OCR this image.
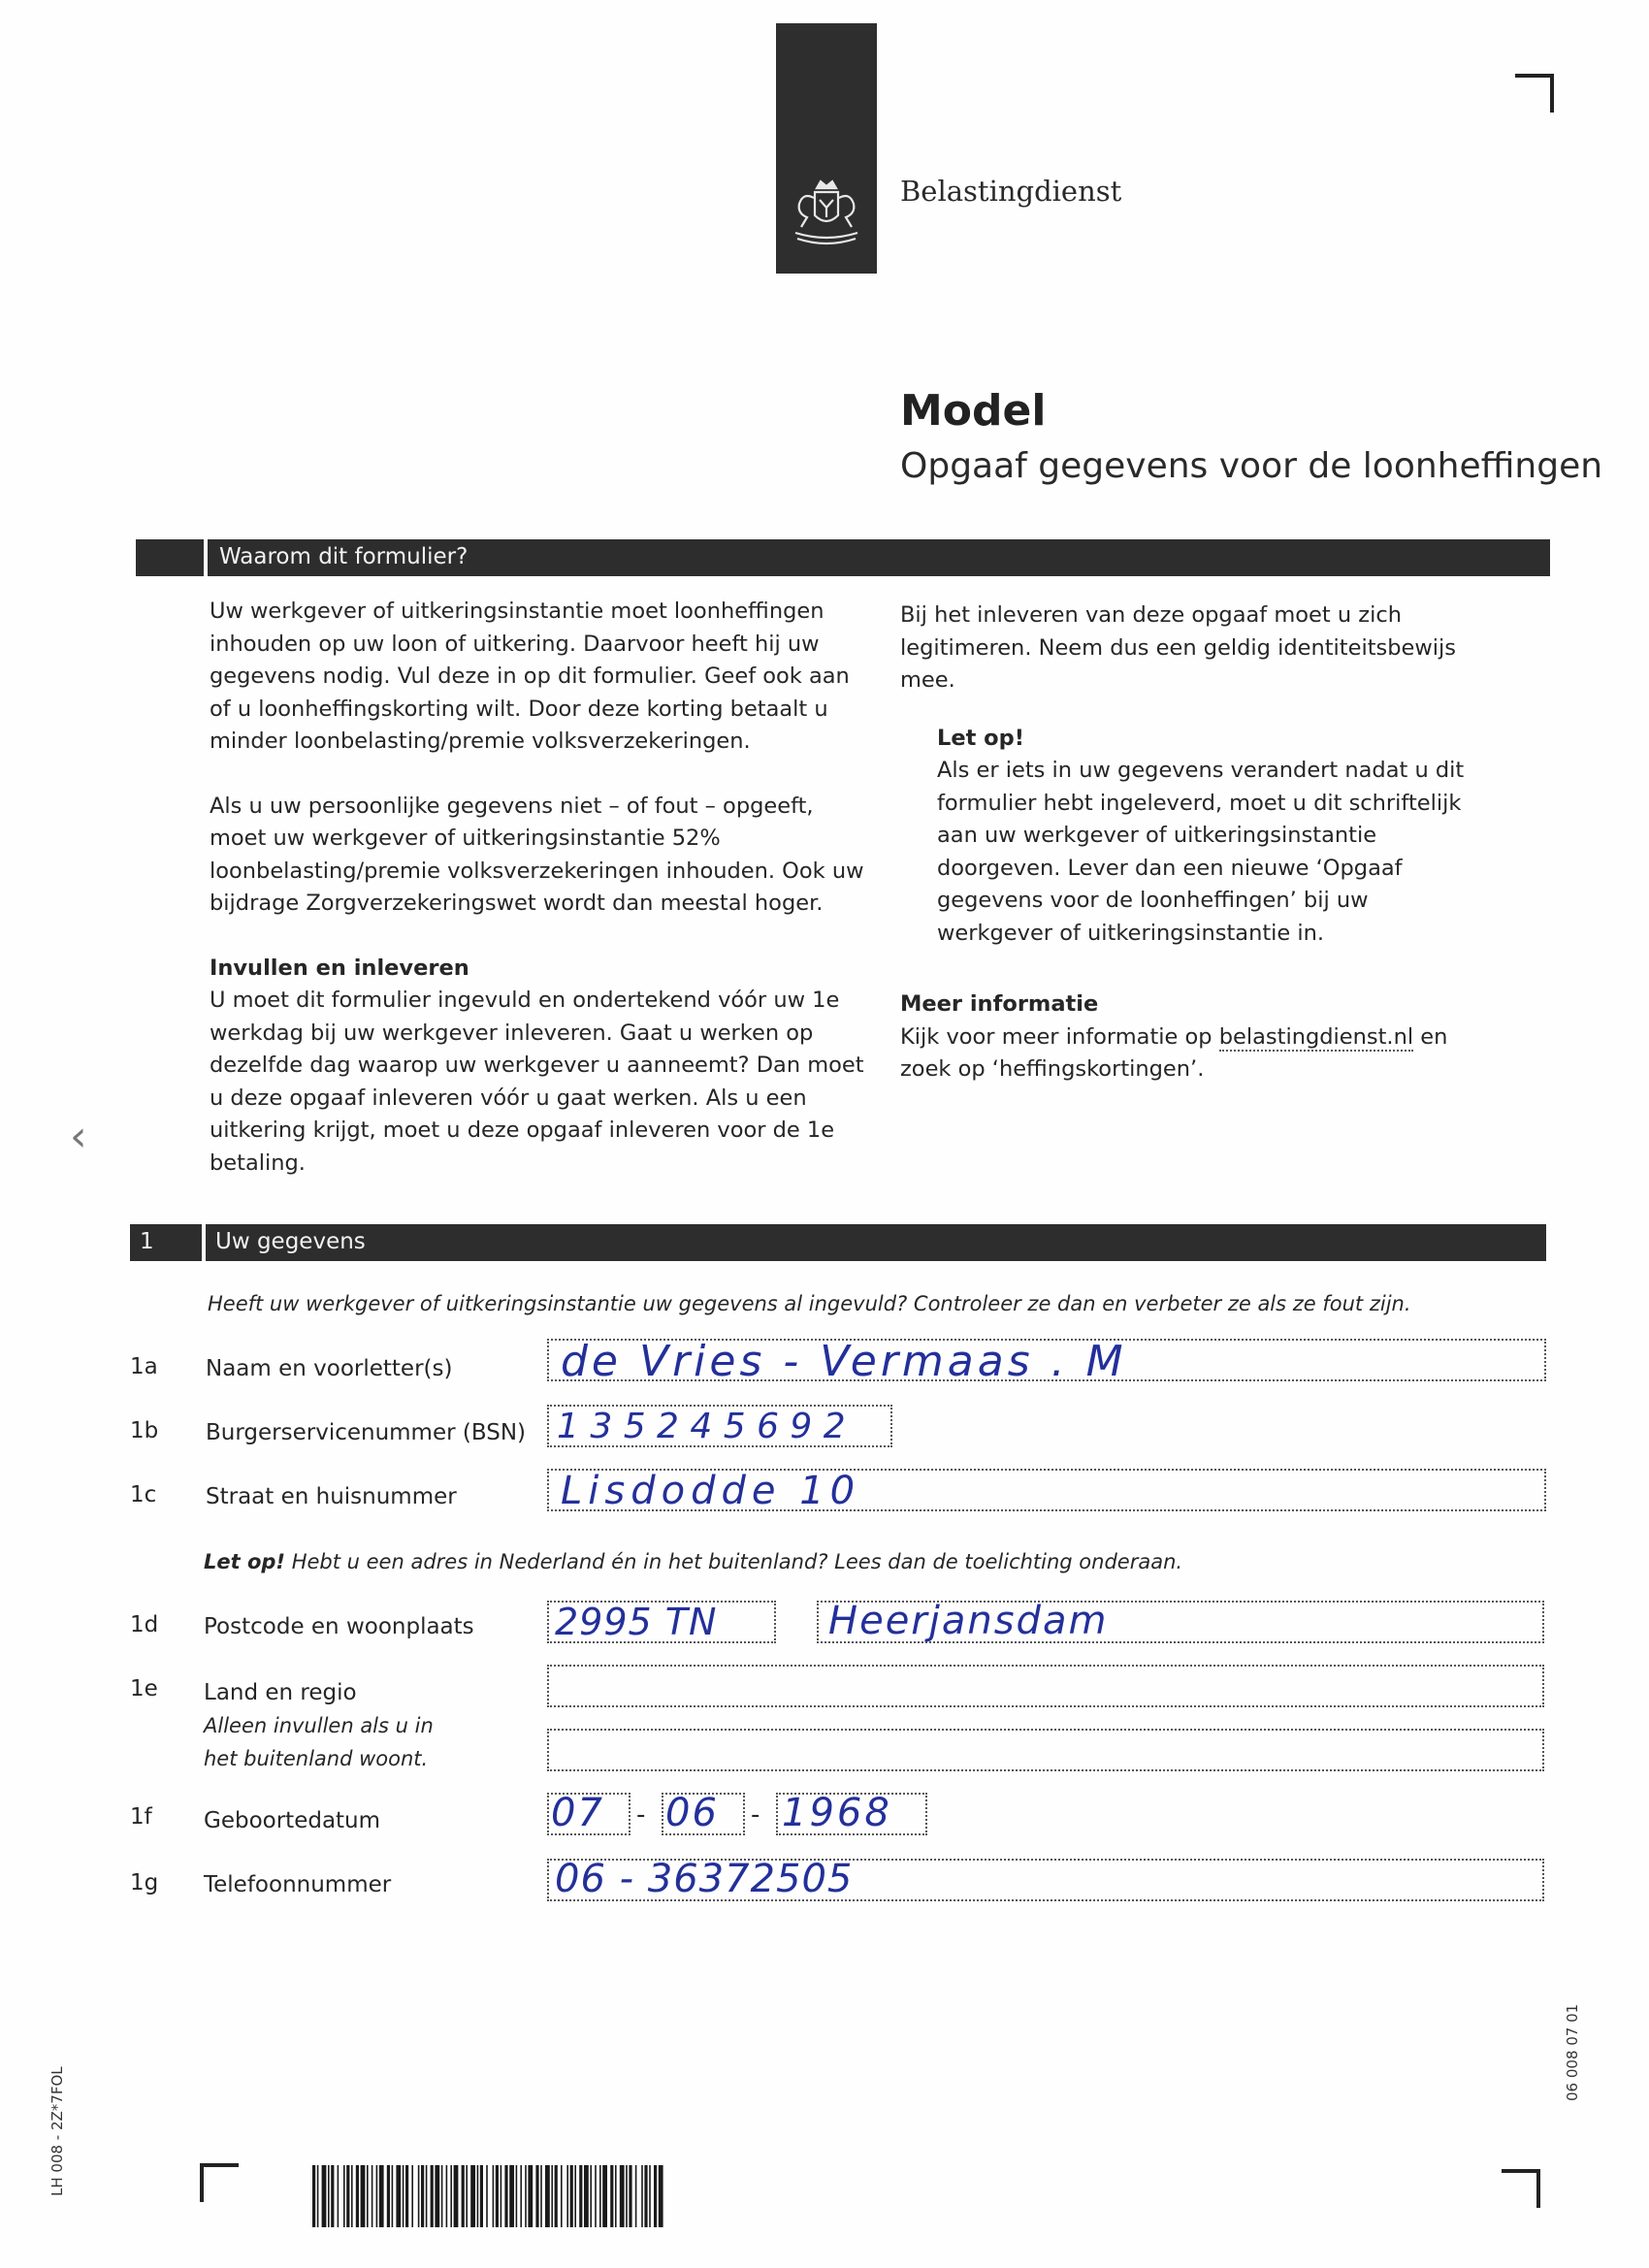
Belastingdienst
Model
Opgaaf gegevens voor de loonheffingen
Waarom dit formulier?

Uw werkgever of uitkeringsinstantie moet loonheffingen inhouden op uw loon of uitkering. Daarvoor heeft hij uw gegevens nodig. Vul deze in op dit formulier. Geef ook aan of u loonheffingskorting wilt. Door deze korting betaalt u minder loonbelasting/premie volksverzekeringen.

Als u uw persoonlijke gegevens niet – of fout – opgeeft, moet uw werkgever of uitkeringsinstantie 52% loonbelasting/premie volksverzekeringen inhouden. Ook uw bijdrage Zorgverzekeringswet wordt dan meestal hoger.

Invullen en inleveren

U moet dit formulier ingevuld en ondertekend vóór uw 1e werkdag bij uw werkgever inleveren. Gaat u werken op dezelfde dag waarop uw werkgever u aanneemt? Dan moet u deze opgaaf inleveren vóór u gaat werken. Als u een uitkering krijgt, moet u deze opgaaf inleveren voor de 1e betaling.

Bij het inleveren van deze opgaaf moet u zich legitimeren. Neem dus een geldig identiteitsbewijs mee.

Let op!
Als er iets in uw gegevens verandert nadat u dit formulier hebt ingeleverd, moet u dit schriftelijk aan uw werkgever of uitkeringsinstantie doorgeven. Lever dan een nieuwe ‘Opgaaf gegevens voor de loonheffingen’ bij uw werkgever of uitkeringsinstantie in.
Meer informatie
Kijk voor meer informatie op belastingdienst.nl en zoek op ‘heffingskortingen’.
‹
1	Uw gegevens
Heeft uw werkgever of uitkeringsinstantie uw gegevens al ingevuld? Controleer ze dan en verbeter ze als ze fout zijn.
1a Naam en voorletter(s)	de Vries - Vermaas . M
1b Burgerservicenummer (BSN) 1 3 5 2 4 5 6 9 2
1c Straat en huisnummer	Lisdodde 10
Let op! Hebt u een adres in Nederland én in het buitenland? Lees dan de toelichting onderaan.
1d Postcode en woonplaats 2995 TN	Heerjansdam
1e Land en regio
Alleen invullen als u in het buitenland woont.
1f Geboortedatum	07 - 06 - 1968
1g Telefoonnummer	06 - 36372505
06 008 07 01
LH 008 - 2Z*7FOL
